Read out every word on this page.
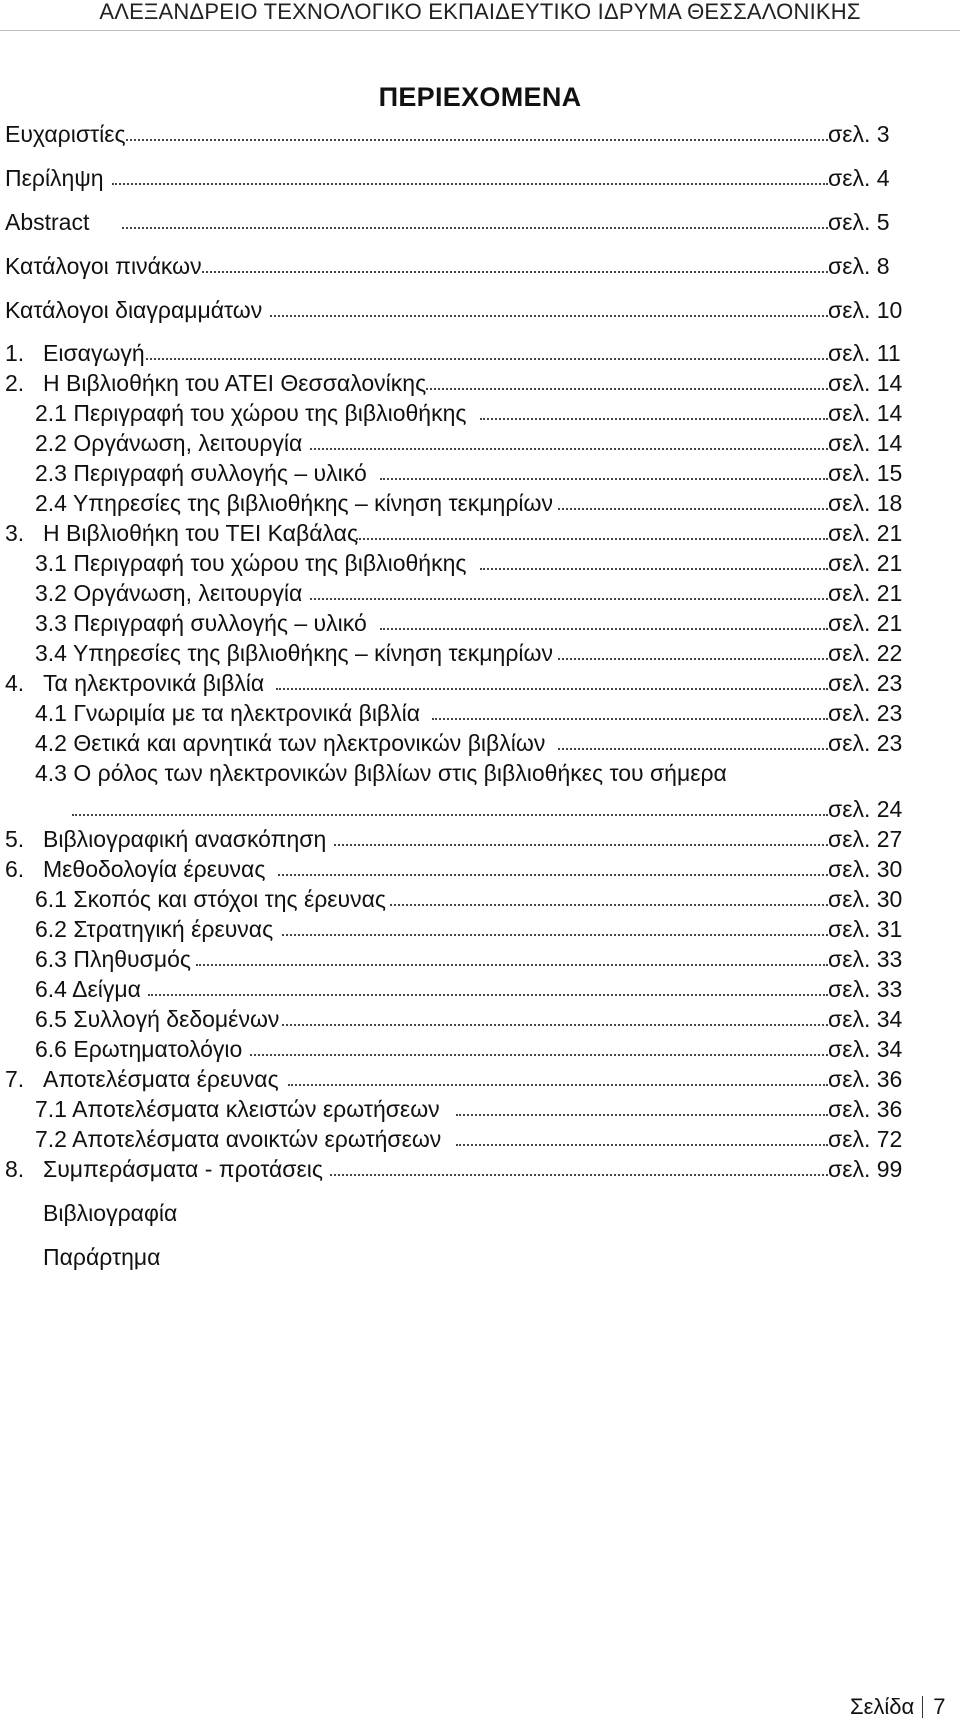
ΑΛΕΞΑΝΔΡΕΙΟ ΤΕΧΝΟΛΟΓΙΚΟ ΕΚΠΑΙΔΕΥΤΙΚΟ ΙΔΡΥΜΑ ΘΕΣΣΑΛΟΝΙΚΗΣ
ΠΕΡΙΕΧΟΜΕΝΑ
Ευχαριστίες	σελ. 3
Περίληψη	σελ. 4
Abstract	σελ. 5
Κατάλογοι πινάκων	σελ. 8
Κατάλογοι διαγραμμάτων	σελ. 10
1. Εισαγωγή	σελ. 11
2. Η Βιβλιοθήκη του ΑΤΕΙ Θεσσαλονίκης	σελ. 14
2.1 Περιγραφή του χώρου της βιβλιοθήκης	σελ. 14
2.2 Οργάνωση, λειτουργία	σελ. 14
2.3 Περιγραφή συλλογής – υλικό	σελ. 15
2.4 Υπηρεσίες της βιβλιοθήκης – κίνηση τεκμηρίων	σελ. 18
3. Η Βιβλιοθήκη του ΤΕΙ Καβάλας	σελ. 21
3.1 Περιγραφή του χώρου της βιβλιοθήκης	σελ. 21
3.2 Οργάνωση, λειτουργία	σελ. 21
3.3 Περιγραφή συλλογής – υλικό	σελ. 21
3.4 Υπηρεσίες της βιβλιοθήκης – κίνηση τεκμηρίων	σελ. 22
4. Τα ηλεκτρονικά βιβλία	σελ. 23
4.1 Γνωριμία με τα ηλεκτρονικά βιβλία	σελ. 23
4.2 Θετικά και αρνητικά των ηλεκτρονικών βιβλίων	σελ. 23
4.3 Ο ρόλος των ηλεκτρονικών βιβλίων στις βιβλιοθήκες του σήμερα
σελ. 24
5. Βιβλιογραφική ανασκόπηση	σελ. 27
6. Μεθοδολογία έρευνας	σελ. 30
6.1 Σκοπός και στόχοι της έρευνας	σελ. 30
6.2 Στρατηγική έρευνας	σελ. 31
6.3 Πληθυσμός	σελ. 33
6.4 Δείγμα	σελ. 33
6.5 Συλλογή δεδομένων	σελ. 34
6.6 Ερωτηματολόγιο	σελ. 34
7. Αποτελέσματα έρευνας	σελ. 36
7.1 Αποτελέσματα κλειστών ερωτήσεων	σελ. 36
7.2 Αποτελέσματα ανοικτών ερωτήσεων	σελ. 72
8. Συμπεράσματα - προτάσεις	σελ. 99
Βιβλιογραφία
Παράρτημα
Σελίδα 7
